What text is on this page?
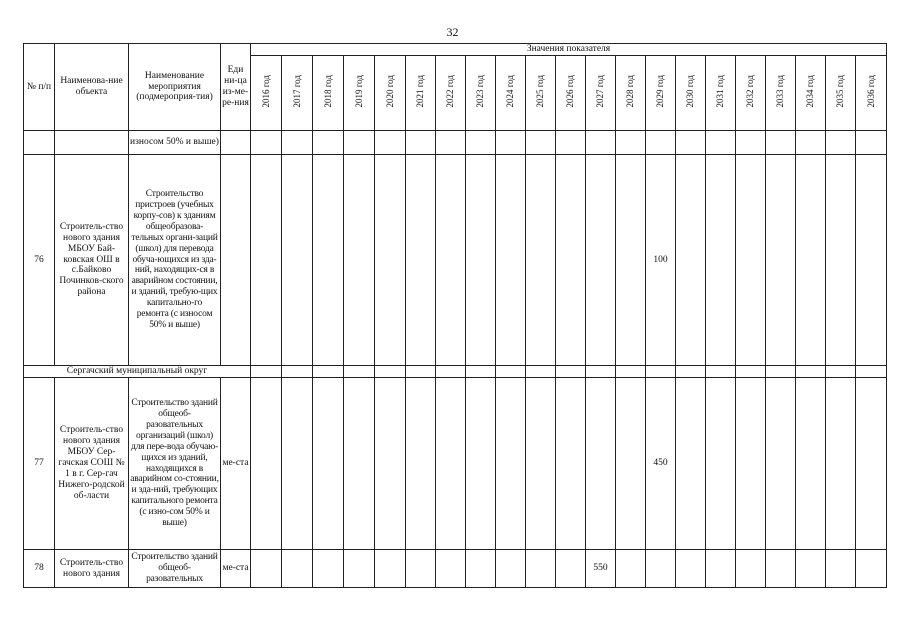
32
№ п/п	Наименова-ние объекта	Наименование мероприятия (подмероприя-тия)	Еди ни-ца из-ме-ре-ния	Значения показателя																				
				2016 год	2017 год	2018 год	2019 год	2020 год	2021 год	2022 год	2023 год	2024 год	2025 год	2026 год	2027 год	2028 год	2029 год	2030 год	2031 год	2032 год	2033 год	2034 год	2035 год	2036 год
		износом 50% и выше)																						
76	Строитель-ство нового здания МБОУ Бай-ковская ОШ в с.Байково Починков-ского района	Строительство пристроев (учебных корпу-сов) к зданиям общеобразова-тельных органи-заций (школ) для перевода обуча-ющихся из зда-ний, находящих-ся в аварийном состоянии, и зданий, требую-щих капитально-го ремонта (с износом 50% и выше)															100							
Сергачский муниципальный округ																								
77	Строитель-ство нового здания МБОУ Сер-гачская СОШ № 1 в г. Сер-гач Нижего-родской об-ласти	Строительство зданий общеоб-разовательных организаций (школ) для пере-вода обучаю-щихся из зданий, находящихся в аварийном со-стоянии, и зда-ний, требующих капитального ремонта (с изно-сом 50% и выше)	ме-ста														450							
78	Строитель-ство нового здания	Строительство зданий общеоб-разовательных	ме-ста												550									
